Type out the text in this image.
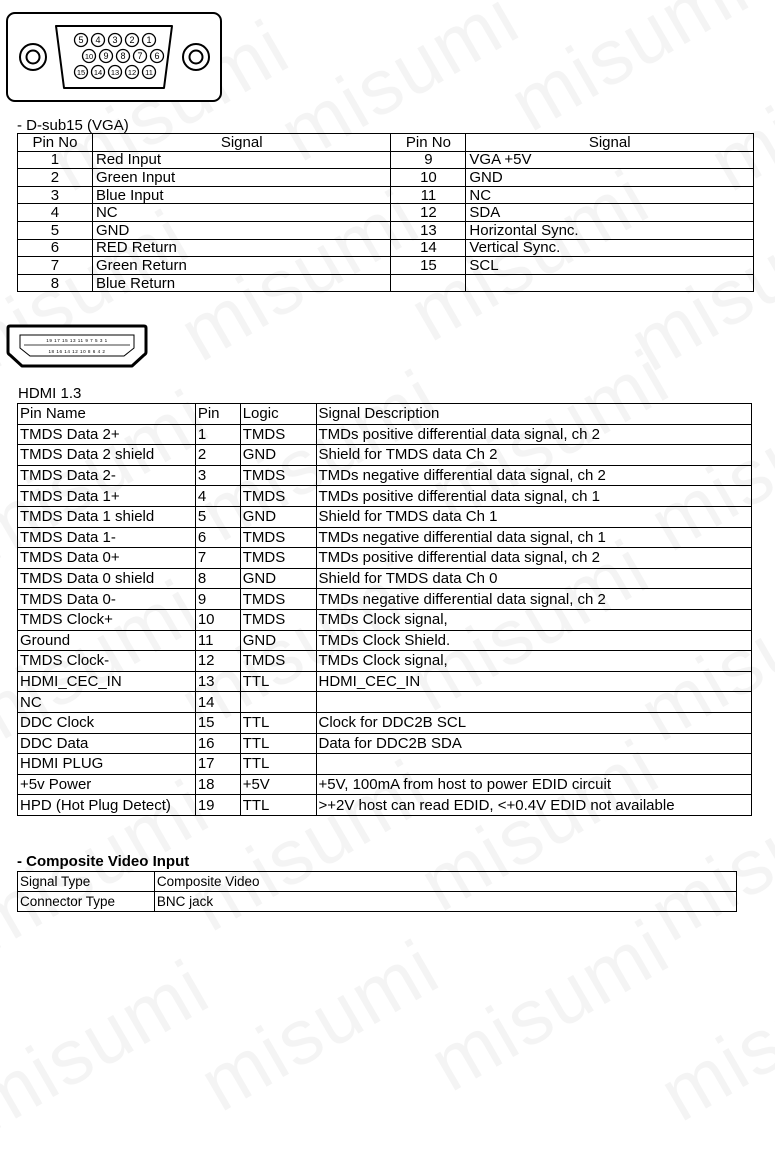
5 4 3 2 1
10 9 8 7 6
15 14 13 12 11
- D-sub15 (VGA)
Pin No	Signal	Pin No	Signal
1	Red Input	9	VGA +5V
2	Green Input	10	GND
3	Blue Input	11	NC
4	NC	12	SDA
5	GND	13	Horizontal Sync.
6	RED Return	14	Vertical Sync.
7	Green Return	15	SCL
8	Blue Return		
19 17 15 13 11 9 7 5 3 1
18 16 14 12 10 8 6 4 2
HDMI 1.3
Pin Name	Pin	Logic	Signal Description
TMDS Data 2+	1	TMDS	TMDs positive differential data signal, ch 2
TMDS Data 2 shield	2	GND	Shield for TMDS data Ch 2
TMDS Data 2-	3	TMDS	TMDs negative differential data signal, ch 2
TMDS Data 1+	4	TMDS	TMDs positive differential data signal, ch 1
TMDS Data 1 shield	5	GND	Shield for TMDS data Ch 1
TMDS Data 1-	6	TMDS	TMDs negative differential data signal, ch 1
TMDS Data 0+	7	TMDS	TMDs positive differential data signal, ch 2
TMDS Data 0 shield	8	GND	Shield for TMDS data Ch 0
TMDS Data 0-	9	TMDS	TMDs negative differential data signal, ch 2
TMDS Clock+	10	TMDS	TMDs Clock signal,
Ground	11	GND	TMDs Clock Shield.
TMDS Clock-	12	TMDS	TMDs Clock signal,
HDMI_CEC_IN	13	TTL	HDMI_CEC_IN
NC	14		
DDC Clock	15	TTL	Clock for DDC2B SCL
DDC Data	16	TTL	Data for DDC2B SDA
HDMI PLUG	17	TTL	
+5v Power	18	+5V	+5V, 100mA from host to power EDID circuit
HPD (Hot Plug Detect)	19	TTL	>+2V host can read EDID, <+0.4V EDID not available
- Composite Video Input
Signal Type	Composite Video
Connector Type	BNC jack
